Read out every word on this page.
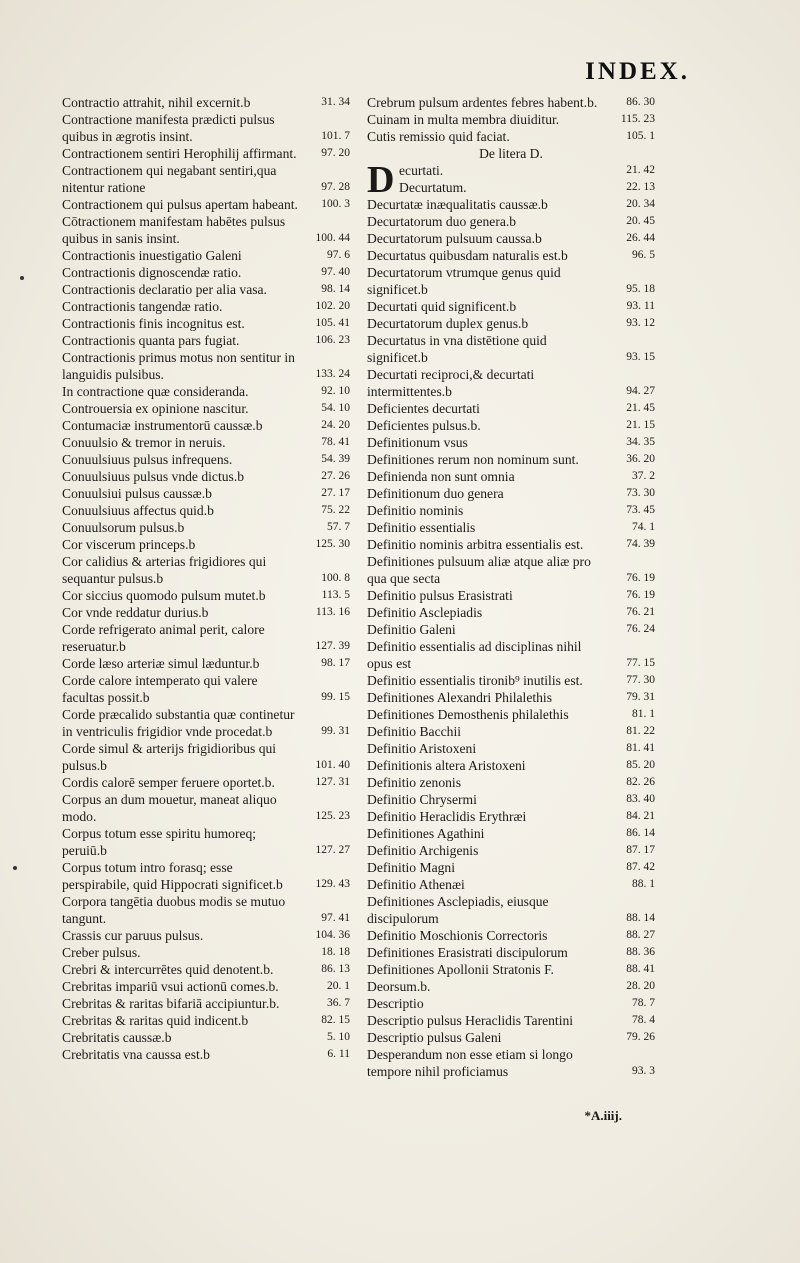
INDEX.
Contractio attrahit, nihil excernit.b	31. 34
Contractione manifesta prædicti pulsus quibus in ægrotis insint.	101. 7
Contractionem sentiri Herophilij affirmant.	97. 20
Contractionem qui negabant sentiri,qua nitentur ratione	97. 28
Contractionem qui pulsus apertam habeant.	100. 3
Cōtractionem manifestam habētes pulsus quibus in sanis insint.	100. 44
Contractionis inuestigatio Galeni	97. 6
Contractionis dignoscendæ ratio.	97. 40
Contractionis declaratio per alia vasa.	98. 14
Contractionis tangendæ ratio.	102. 20
Contractionis finis incognitus est.	105. 41
Contractionis quanta pars fugiat.	106. 23
Contractionis primus motus non sentitur in languidis pulsibus.	133. 24
In contractione quæ consideranda.	92. 10
Controuersia ex opinione nascitur.	54. 10
Contumaciæ instrumentorū caussæ.b	24. 20
Conuulsio & tremor in neruis.	78. 41
Conuulsiuus pulsus infrequens.	54. 39
Conuulsiuus pulsus vnde dictus.b	27. 26
Conuulsiui pulsus caussæ.b	27. 17
Conuulsiuus affectus quid.b	75. 22
Conuulsorum pulsus.b	57. 7
Cor viscerum princeps.b	125. 30
Cor calidius & arterias frigidiores qui sequantur pulsus.b	100. 8
Cor siccius quomodo pulsum mutet.b	113. 5
Cor vnde reddatur durius.b	113. 16
Corde refrigerato animal perit, calore reseruatur.b	127. 39
Corde læso arteriæ simul læduntur.b	98. 17
Corde calore intemperato qui valere facultas possit.b	99. 15
Corde præcalido substantia quæ continetur in ventriculis frigidior vnde procedat.b	99. 31
Corde simul & arterijs frigidioribus qui pulsus.b	101. 40
Cordis calorē semper feruere oportet.b.	127. 31
Corpus an dum mouetur, maneat aliquo modo.	125. 23
Corpus totum esse spiritu humoreq; peruiū.b	127. 27
Corpus totum intro forasq; esse perspirabile, quid Hippocrati significet.b	129. 43
Corpora tangētia duobus modis se mutuo tangunt.	97. 41
Crassis cur paruus pulsus.	104. 36
Creber pulsus.	18. 18
Crebri & intercurrētes quid denotent.b.	86. 13
Crebritas impariū vsui actionū comes.b.	20. 1
Crebritas & raritas bifariā accipiuntur.b.	36. 7
Crebritas & raritas quid indicent.b	82. 15
Crebritatis caussæ.b	5. 10
Crebritatis vna caussa est.b	6. 11
Crebrum pulsum ardentes febres habent.b.	86. 30
Cuinam in multa membra diuiditur.	115. 23
Cutis remissio quid faciat.	105. 1
De litera D.
D ecurtati.	21. 42
Decurtatum.	22. 13
Decurtatæ inæqualitatis caussæ.b	20. 34
Decurtatorum duo genera.b	20. 45
Decurtatorum pulsuum caussa.b	26. 44
Decurtatus quibusdam naturalis est.b	96. 5
Decurtatorum vtrumque genus quid significet.b	95. 18
Decurtati quid significent.b	93. 11
Decurtatorum duplex genus.b	93. 12
Decurtatus in vna distētione quid significet.b	93. 15
Decurtati reciproci,& decurtati intermittentes.b	94. 27
Deficientes decurtati	21. 45
Deficientes pulsus.b.	21. 15
Definitionum vsus	34. 35
Definitiones rerum non nominum sunt.	36. 20
Definienda non sunt omnia	37. 2
Definitionum duo genera	73. 30
Definitio nominis	73. 45
Definitio essentialis	74. 1
Definitio nominis arbitra essentialis est.	74. 39
Definitiones pulsuum aliæ atque aliæ pro qua que secta	76. 19
Definitio pulsus Erasistrati	76. 19
Definitio Asclepiadis	76. 21
Definitio Galeni	76. 24
Definitio essentialis ad disciplinas nihil opus est	77. 15
Definitio essentialis tironib⁹ inutilis est.	77. 30
Definitiones Alexandri Philalethis	79. 31
Definitiones Demosthenis philalethis	81. 1
Definitio Bacchii	81. 22
Definitio Aristoxeni	81. 41
Definitionis altera Aristoxeni	85. 20
Definitio zenonis	82. 26
Definitio Chrysermi	83. 40
Definitio Heraclidis Erythræi	84. 21
Definitiones Agathini	86. 14
Definitio Archigenis	87. 17
Definitio Magni	87. 42
Definitio Athenæi	88. 1
Definitiones Asclepiadis, eiusque discipulorum	88. 14
Definitio Moschionis Correctoris	88. 27
Definitiones Erasistrati discipulorum	88. 36
Definitiones Apollonii Stratonis F.	88. 41
Deorsum.b.	28. 20
Descriptio	78. 7
Descriptio pulsus Heraclidis Tarentini	78. 4
Descriptio pulsus Galeni	79. 26
Desperandum non esse etiam si longo tempore nihil proficiamus	93. 3
*A.iiij.
